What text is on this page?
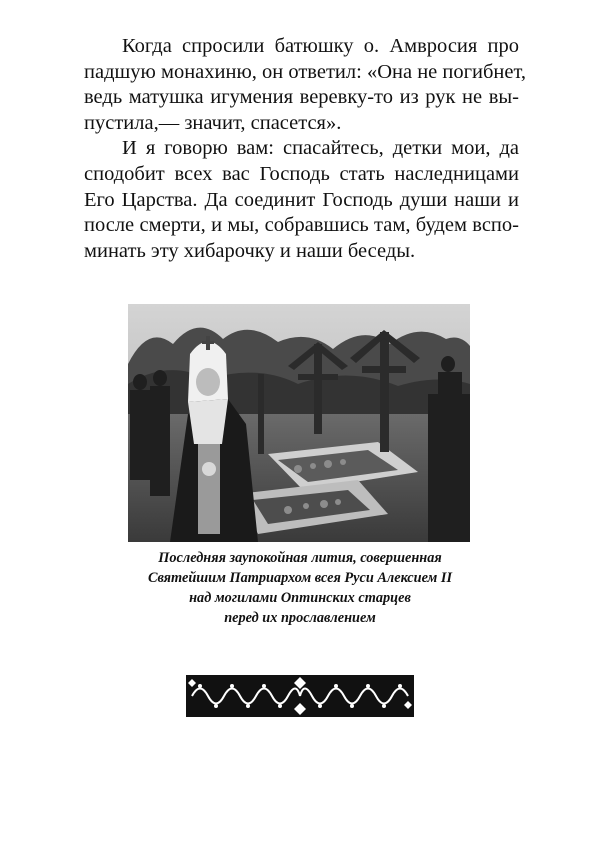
Когда спросили батюшку о. Амвросия про
падшую монахиню, он ответил: «Она не погибнет,
ведь матушка игумения веревку-то из рук не вы-
пустила,— значит, спасется».

И я говорю вам: спасайтесь, детки мои, да
сподобит всех вас Господь стать наследницами
Его Царства. Да соединит Господь души наши и
после смерти, и мы, собравшись там, будем вспо-
минать эту хибарочку и наши беседы.

Последняя заупокойная лития, совершенная
Святейшим Патриархом всея Руси Алексием II
над могилами Оптинских старцев
перед их прославлением
